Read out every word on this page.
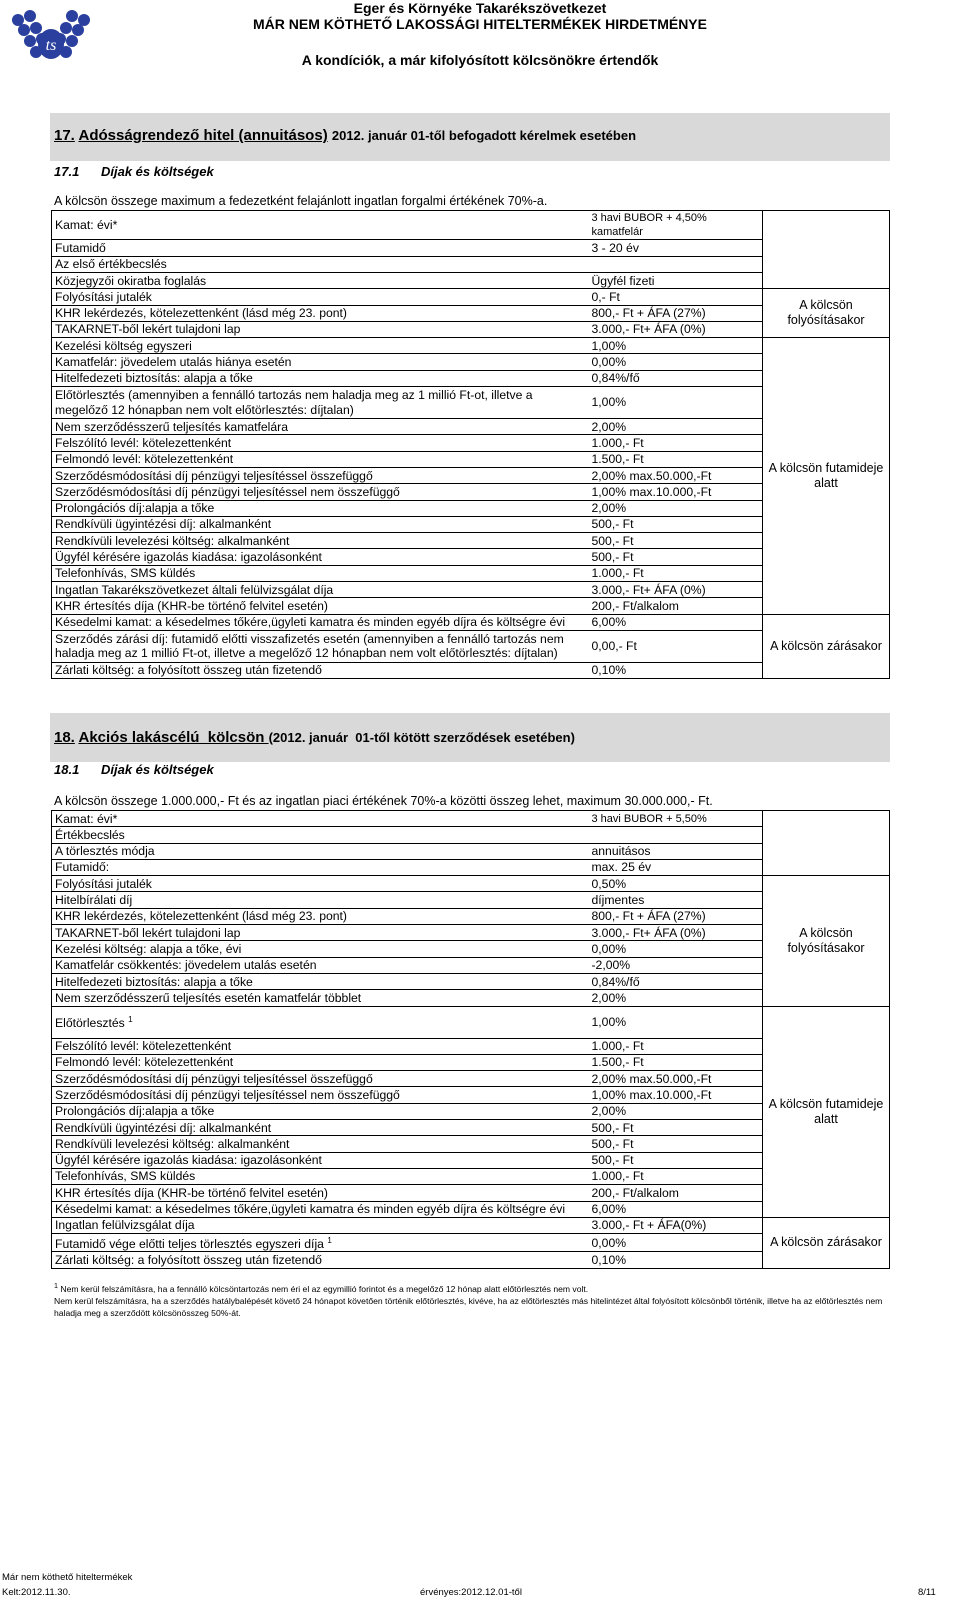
ts
Eger és Környéke Takarékszövetkezet
MÁR NEM KÖTHETŐ LAKOSSÁGI HITELTERMÉKEK HIRDETMÉNYE
A kondíciók, a már kifolyósított kölcsönökre értendők
17. Adósságrendező hitel (annuitásos) 2012. január 01-től befogadott kérelmek esetében
17.1      Díjak és költségek
A kölcsön összege maximum a fedezetként felajánlott ingatlan forgalmi értékének 70%-a.
Kamat: évi*	3 havi BUBOR + 4,50% kamatfelár	
Futamidő	3 - 20 év	
Az első értékbecslés		
Közjegyzői okiratba foglalás	Ügyfél fizeti	
Folyósítási jutalék	0,- Ft	A kölcsön folyósításakor
KHR lekérdezés, kötelezettenként (lásd még 23. pont)	800,- Ft + ÁFA (27%)	
TAKARNET-ből lekért tulajdoni lap	3.000,- Ft+ ÁFA (0%)	
Kezelési költség egyszeri	1,00%	A kölcsön futamideje alatt
Kamatfelár: jövedelem utalás hiánya esetén	0,00%	
Hitelfedezeti biztosítás: alapja a tőke	0,84%/fő	
Előtörlesztés (amennyiben a fennálló tartozás nem haladja meg az 1 millió Ft-ot, illetve a megelőző 12 hónapban nem volt előtörlesztés: díjtalan)	1,00%	
Nem szerződésszerű teljesítés kamatfelára	2,00%	
Felszólító levél: kötelezettenként	1.000,- Ft	
Felmondó levél: kötelezettenként	1.500,- Ft	
Szerződésmódosítási díj pénzügyi teljesítéssel összefüggő	2,00% max.50.000,-Ft	
Szerződésmódosítási díj pénzügyi teljesítéssel nem összefüggő	1,00% max.10.000,-Ft	
Prolongációs díj:alapja a tőke	2,00%	
Rendkívüli ügyintézési díj: alkalmanként	500,- Ft	
Rendkívüli levelezési költség: alkalmanként	500,- Ft	
Ügyfél kérésére igazolás kiadása: igazolásonként	500,- Ft	
Telefonhívás, SMS küldés	1.000,- Ft	
Ingatlan Takarékszövetkezet általi felülvizsgálat díja	3.000,- Ft+ ÁFA (0%)	
KHR értesítés díja (KHR-be történő felvitel esetén)	200,- Ft/alkalom	
Késedelmi kamat: a késedelmes tőkére,ügyleti kamatra és minden egyéb díjra és költségre évi	6,00%	A kölcsön zárásakor
Szerződés zárási díj: futamidő előtti visszafizetés esetén (amennyiben a fennálló tartozás nem haladja meg az 1 millió Ft-ot, illetve a megelőző 12 hónapban nem volt előtörlesztés: díjtalan)	0,00,- Ft	
Zárlati költség: a folyósított összeg után fizetendő	0,10%	
18. Akciós lakáscélú  kölcsön (2012. január  01-től kötött szerződések esetében)
18.1      Díjak és költségek
A kölcsön összege 1.000.000,- Ft és az ingatlan piaci értékének 70%-a közötti összeg lehet, maximum 30.000.000,- Ft.
Kamat: évi*	3 havi BUBOR + 5,50%	
Értékbecslés		
A törlesztés módja	annuitásos	
Futamidő:	max. 25 év	
Folyósítási jutalék	0,50%	A kölcsön folyósításakor
Hitelbírálati díj	díjmentes	
KHR lekérdezés, kötelezettenként (lásd még 23. pont)	800,- Ft + ÁFA (27%)	
TAKARNET-ből lekért tulajdoni lap	3.000,- Ft+ ÁFA (0%)	
Kezelési költség: alapja a tőke, évi	0,00%	
Kamatfelár csökkentés: jövedelem utalás esetén	-2,00%	
Hitelfedezeti biztosítás: alapja a tőke	0,84%/fő	
Nem szerződésszerű teljesítés esetén kamatfelár többlet	2,00%	
Előtörlesztés $^1$	1,00%	A kölcsön futamideje alatt
Felszólító levél: kötelezettenként	1.000,- Ft	
Felmondó levél: kötelezettenként	1.500,- Ft	
Szerződésmódosítási díj pénzügyi teljesítéssel összefüggő	2,00% max.50.000,-Ft	
Szerződésmódosítási díj pénzügyi teljesítéssel nem összefüggő	1,00% max.10.000,-Ft	
Prolongációs díj:alapja a tőke	2,00%	
Rendkívüli ügyintézési díj: alkalmanként	500,- Ft	
Rendkívüli levelezési költség: alkalmanként	500,- Ft	
Ügyfél kérésére igazolás kiadása: igazolásonként	500,- Ft	
Telefonhívás, SMS küldés	1.000,- Ft	
KHR értesítés díja (KHR-be történő felvitel esetén)	200,- Ft/alkalom	
Késedelmi kamat: a késedelmes tőkére,ügyleti kamatra és minden egyéb díjra és költségre évi	6,00%	
Ingatlan felülvizsgálat díja	3.000,- Ft + ÁFA(0%)	A kölcsön zárásakor
Futamidő vége előtti teljes törlesztés egyszeri díja $^1$	0,00%	
Zárlati költség: a folyósított összeg után fizetendő	0,10%	
$^1$ Nem kerül felszámításra, ha a fennálló kölcsöntartozás nem éri el az egymillió forintot és a megelőző 12 hónap alatt előtörlesztés nem volt.
Nem kerül felszámításra, ha a szerződés hatálybalépését követő 24 hónapot követően történik előtörlesztés, kivéve, ha az előtörlesztés más hitelintézet által folyósított kölcsönből történik, illetve ha az előtörlesztés nem haladja meg a szerződött kölcsönösszeg 50%-át.
Már nem köthető hiteltermékek
Kelt:2012.11.30.	érvényes:2012.12.01-től	8/11
